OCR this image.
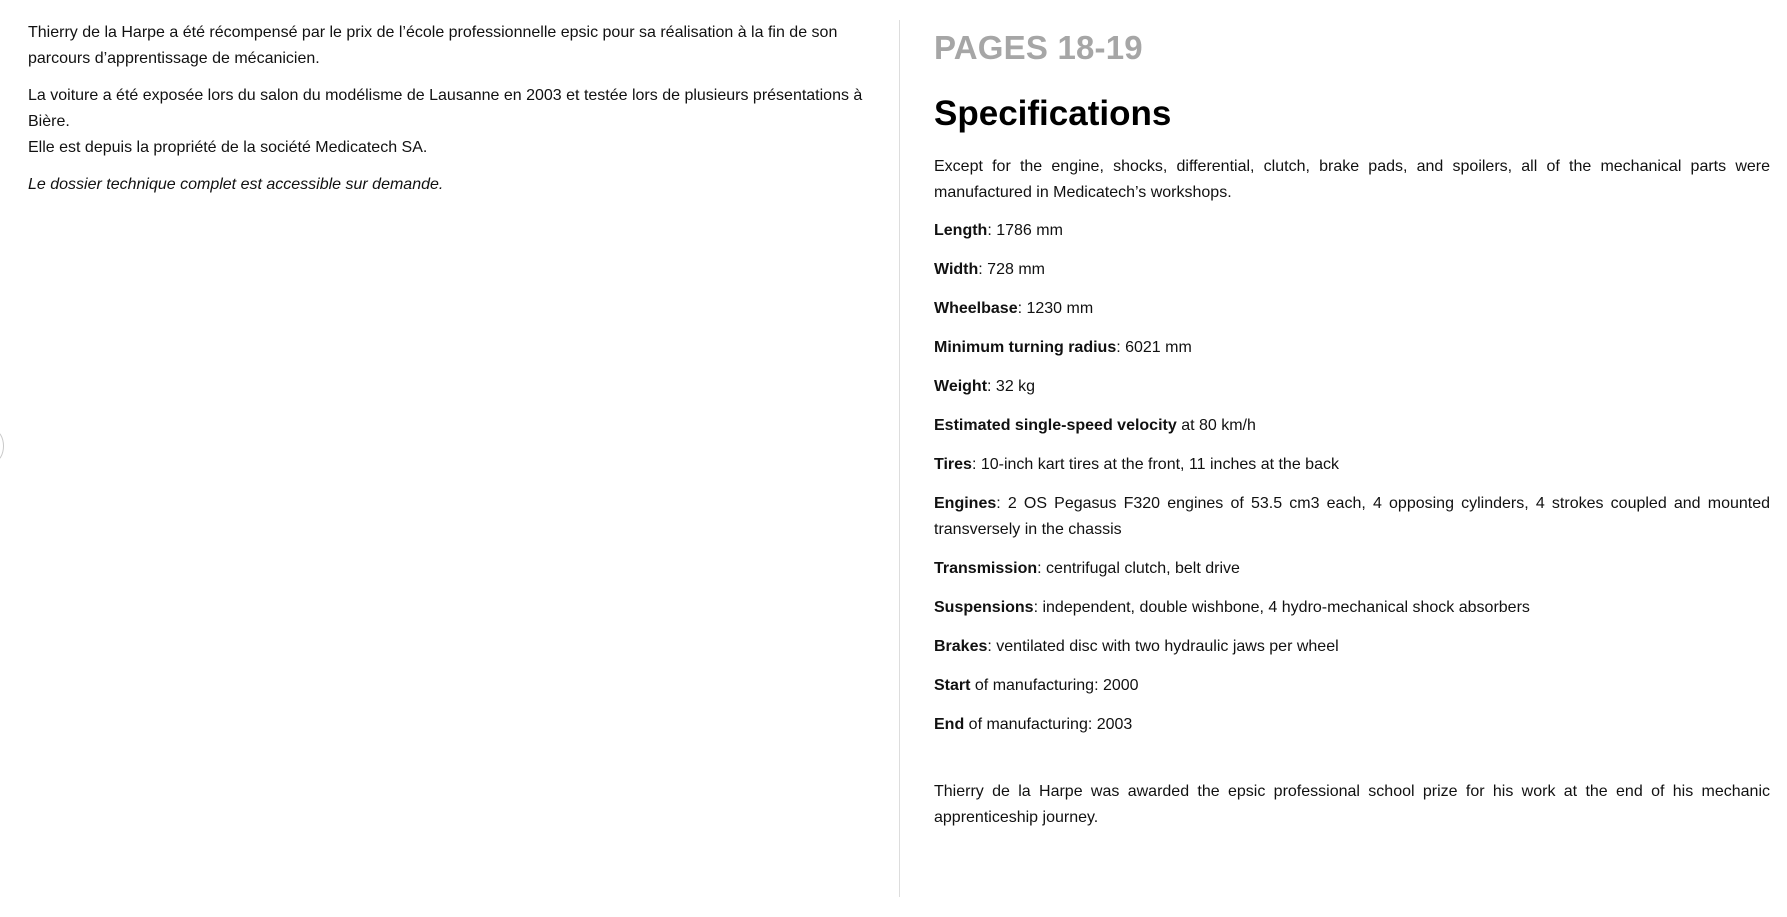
Thierry de la Harpe a été récompensé par le prix de l’école professionnelle epsic pour sa réalisation à la fin de son parcours d’apprentissage de mécanicien.

La voiture a été exposée lors du salon du modélisme de Lausanne en 2003 et testée lors de plusieurs présentations à Bière.

Elle est depuis la propriété de la société Medicatech SA.

Le dossier technique complet est accessible sur demande.

PAGES 18-19
Specifications

Except for the engine, shocks, differential, clutch, brake pads, and spoilers, all of the mechanical parts were manufactured in Medicatech’s workshops.

Length: 1786 mm

Width: 728 mm

Wheelbase: 1230 mm

Minimum turning radius: 6021 mm

Weight: 32 kg

Estimated single-speed velocity at 80 km/h

Tires: 10-inch kart tires at the front, 11 inches at the back

Engines: 2 OS Pegasus F320 engines of 53.5 cm3 each, 4 opposing cylinders, 4 strokes coupled and mounted transversely in the chassis

Transmission: centrifugal clutch, belt drive

Suspensions: independent, double wishbone, 4 hydro-mechanical shock absorbers

Brakes: ventilated disc with two hydraulic jaws per wheel

Start of manufacturing: 2000

End of manufacturing: 2003

Thierry de la Harpe was awarded the epsic professional school prize for his work at the end of his mechanic apprenticeship journey.
